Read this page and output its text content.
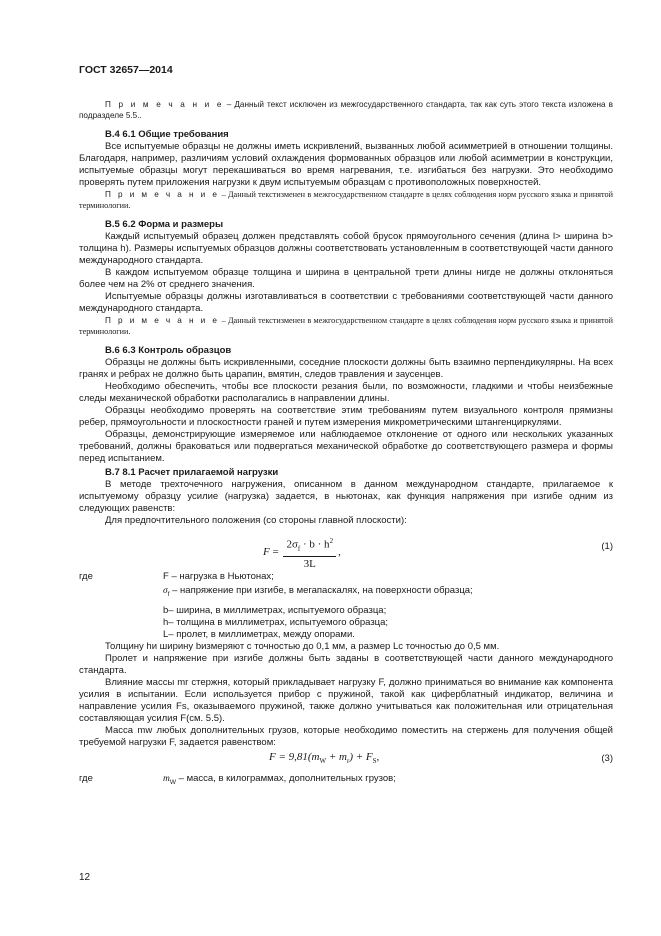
ГОСТ 32657—2014

П р и м е ч а н и е – Данный текст исключен из межгосударственного стандарта, так как суть этого текста изложена в подразделе 5.5..

В.4 6.1 Общие требования

Все испытуемые образцы не должны иметь искривлений, вызванных любой асимметрией в отношении толщины. Благодаря, например, различиям условий охлаждения формованных образцов или любой асимметрии в конструкции, испытуемые образцы могут перекашиваться во время нагревания, т.е. изгибаться без нагрузки. Это необходимо проверять путем приложения нагрузки к двум испытуемым образцам с противоположных поверхностей.

П р и м е ч а н и е – Данный текстизменен в межгосударственном стандарте в целях соблюдения норм русского языка и принятой терминологии.

В.5 6.2 Форма и размеры

Каждый испытуемый образец должен представлять собой брусок прямоугольного сечения (длина l> ширина b> толщина h). Размеры испытуемых образцов должны соответствовать установленным в соответствующей части данного международного стандарта.

В каждом испытуемом образце толщина и ширина в центральной трети длины нигде не должны отклоняться более чем на 2% от среднего значения.

Испытуемые образцы должны изготавливаться в соответствии с требованиями соответствующей части данного международного стандарта.

П р и м е ч а н и е – Данный текстизменен в межгосударственном стандарте в целях соблюдения норм русского языка и принятой терминологии.

В.6 6.3 Контроль образцов

Образцы не должны быть искривленными, соседние плоскости должны быть взаимно перпендикулярны. На всех гранях и ребрах не должно быть царапин, вмятин, следов травления и заусенцев.

Необходимо обеспечить, чтобы все плоскости резания были, по возможности, гладкими и чтобы неизбежные следы механической обработки располагались в направлении длины.

Образцы необходимо проверять на соответствие этим требованиям путем визуального контроля прямизны ребер, прямоугольности и плоскостности граней и путем измерения микрометрическими штангенциркулями.

Образцы, демонстрирующие измеряемое или наблюдаемое отклонение от одного или нескольких указанных требований, должны браковаться или подвергаться механической обработке до соответствующего размера и формы перед испытанием.

В.7 8.1 Расчет прилагаемой нагрузки

В методе трехточечного нагружения, описанном в данном международном стандарте, прилагаемое к испытуемому образцу усилие (нагрузка) задается, в ньютонах, как функция напряжения при изгибе одним из следующих равенств:

Для предпочтительного положения (со стороны главной плоскости):

$F = \frac{2\sigma_f \cdot b \cdot h^2}{3L}$ ,	(1)
где	F – нагрузка в Ньютонах;

$\sigma_f$ – напряжение при изгибе, в мегапаскалях, на поверхности образца;

b– ширина, в миллиметрах, испытуемого образца;

h– толщина в миллиметрах, испытуемого образца;

L– пролет, в миллиметрах, между опорами.

Толщину hи ширину bизмеряют с точностью до 0,1 мм, а размер Lс точностью до 0,5 мм.

Пролет и напряжение при изгибе должны быть заданы в соответствующей части данного международного стандарта.

Влияние массы mr стержня, который прикладывает нагрузку F, должно приниматься во внимание как компонента усилия в испытании. Если используется прибор с пружиной, такой как циферблатный индикатор, величина и направление усилия Fs, оказываемого пружиной, также должно учитываться как положительная или отрицательная составляющая усилия F(см. 5.5).

Масса mw любых дополнительных грузов, которые необходимо поместить на стержень для получения общей требуемой нагрузки F, задается равенством:

$F = 9,81(m_W + m_r) + F_S$,	(3)
где	$m_W$ – масса, в килограммах, дополнительных грузов;
12
